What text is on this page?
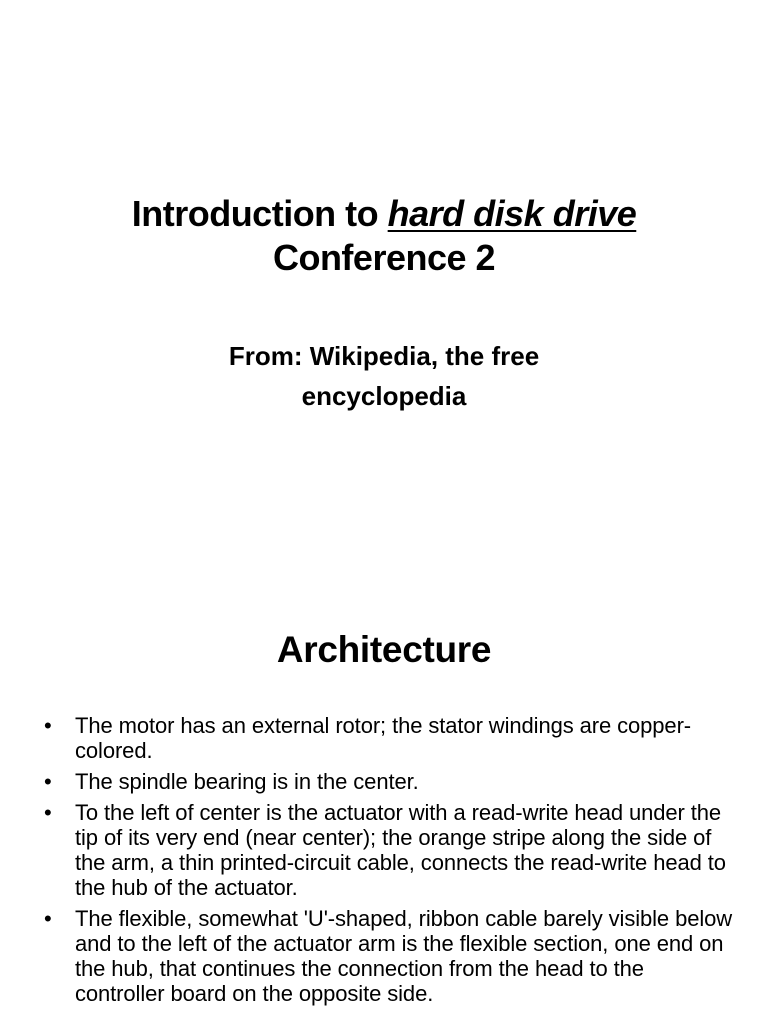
Introduction to hard disk drive
Conference 2
From: Wikipedia, the free
encyclopedia
Architecture
• The motor has an external rotor; the stator windings are copper-colored.
• The spindle bearing is in the center.
• To the left of center is the actuator with a read-write head under the tip of its very end (near center); the orange stripe along the side of the arm, a thin printed-circuit cable, connects the read-write head to the hub of the actuator.
• The flexible, somewhat 'U'-shaped, ribbon cable barely visible below and to the left of the actuator arm is the flexible section, one end on the hub, that continues the connection from the head to the controller board on the opposite side.
